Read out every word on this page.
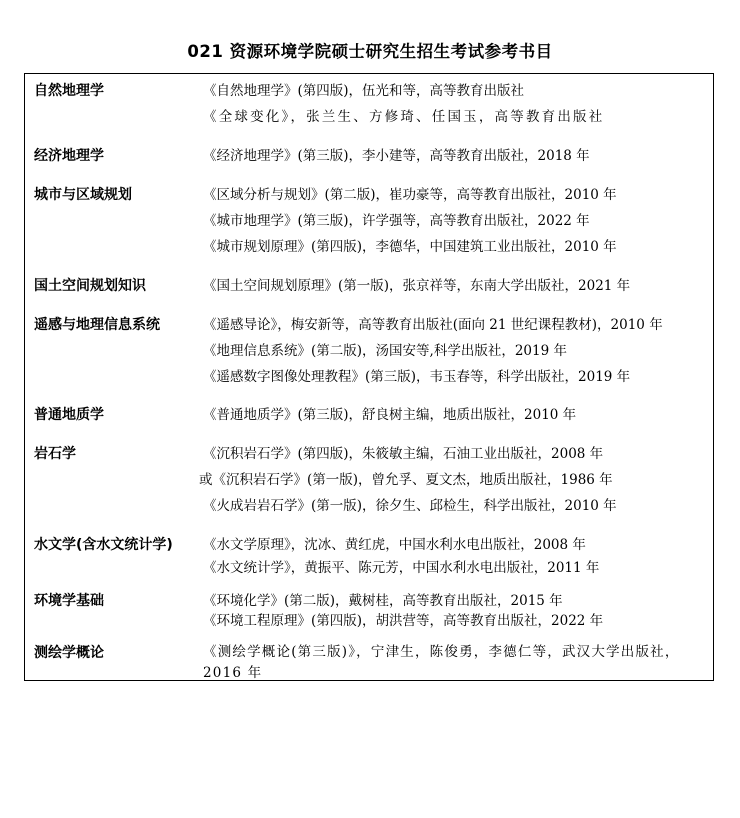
021 资源环境学院硕士研究生招生考试参考书目
自然地理学	《自然地理学》(第四版)，伍光和等，高等教育出版社
《全球变化》，张兰生、方修琦、任国玉，高等教育出版社
经济地理学	《经济地理学》(第三版)，李小建等，高等教育出版社，2018 年
城市与区域规划	《区域分析与规划》(第二版)，崔功豪等，高等教育出版社，2010 年
《城市地理学》(第三版)，许学强等，高等教育出版社，2022 年
《城市规划原理》(第四版)，李德华，中国建筑工业出版社，2010 年
国土空间规划知识	《国土空间规划原理》(第一版)，张京祥等，东南大学出版社，2021 年
遥感与地理信息系统	《遥感导论》，梅安新等，高等教育出版社(面向 21 世纪课程教材)，2010 年
《地理信息系统》(第二版)，汤国安等,科学出版社，2019 年
《遥感数字图像处理教程》(第三版)，韦玉春等，科学出版社，2019 年
普通地质学	《普通地质学》(第三版)，舒良树主编，地质出版社，2010 年
岩石学	《沉积岩石学》(第四版)，朱筱敏主编，石油工业出版社，2008 年
或《沉积岩石学》(第一版)，曾允孚、夏文杰，地质出版社，1986 年
《火成岩岩石学》(第一版)，徐夕生、邱检生，科学出版社，2010 年
水文学(含水文统计学) 《水文学原理》，沈冰、黄红虎，中国水利水电出版社，2008 年
《水文统计学》，黄振平、陈元芳，中国水利水电出版社，2011 年
环境学基础	《环境化学》(第二版)，戴树桂，高等教育出版社，2015 年
《环境工程原理》(第四版)，胡洪营等，高等教育出版社，2022 年
测绘学概论	《测绘学概论(第三版)》，宁津生，陈俊勇，李德仁等，武汉大学出版社，2016 年
